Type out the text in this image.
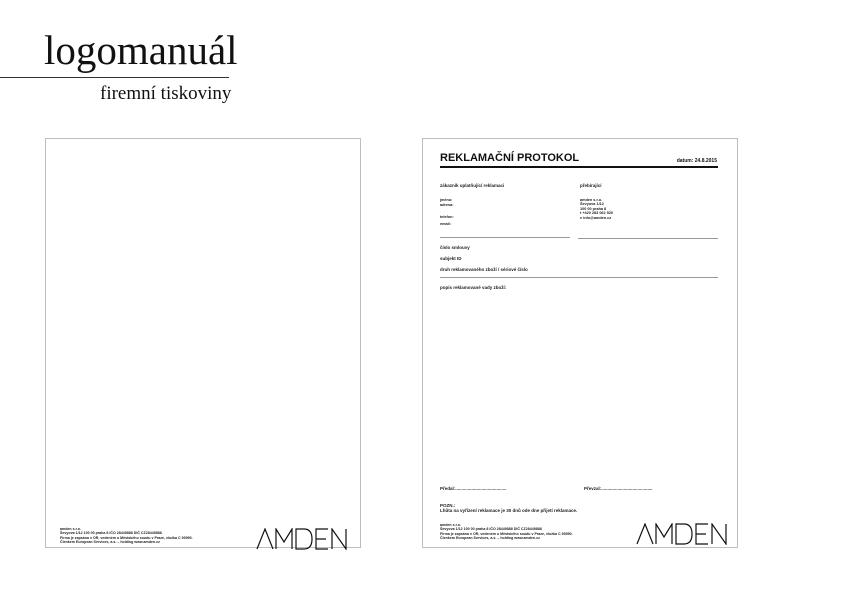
logomanuál
firemní tiskoviny
amden s.r.o.
Ševyova 1/12 100 00 praha 8 IČO 28449888 DIČ CZ28449888
Firma je zapsána v OR, vedeném u Městského soudu v Praze, vložka C 93990.
Členkem European Services, a.s. – holding www.amden.cz
REKLAMAČNÍ PROTOKOL	datum: 24.8.2015
zákazník uplatňující reklamaci	přebírající
jméno:
adresa:
telefon:
email:
amden s.r.o.
Ševyova 1/12
100 00 praha 8
t +420 283 062 520
e info@amden.cz
číslo smlouvy
subjekt ID
druh reklamovaného zboží / sériové číslo
popis reklamované vady zboží:
Předal:.........................................	Převzal:.........................................
POZN.:
Lhůta na vyřízení reklamace je 30 dnů ode dne přijetí reklamace.
amden s.r.o.
Ševyova 1/12 100 00 praha 8 IČO 28449888 DIČ CZ28449888
Firma je zapsána v OR, vedeném u Městského soudu v Praze, vložka C 93990.
Členkem European Services, a.s. – holding www.amden.cz
